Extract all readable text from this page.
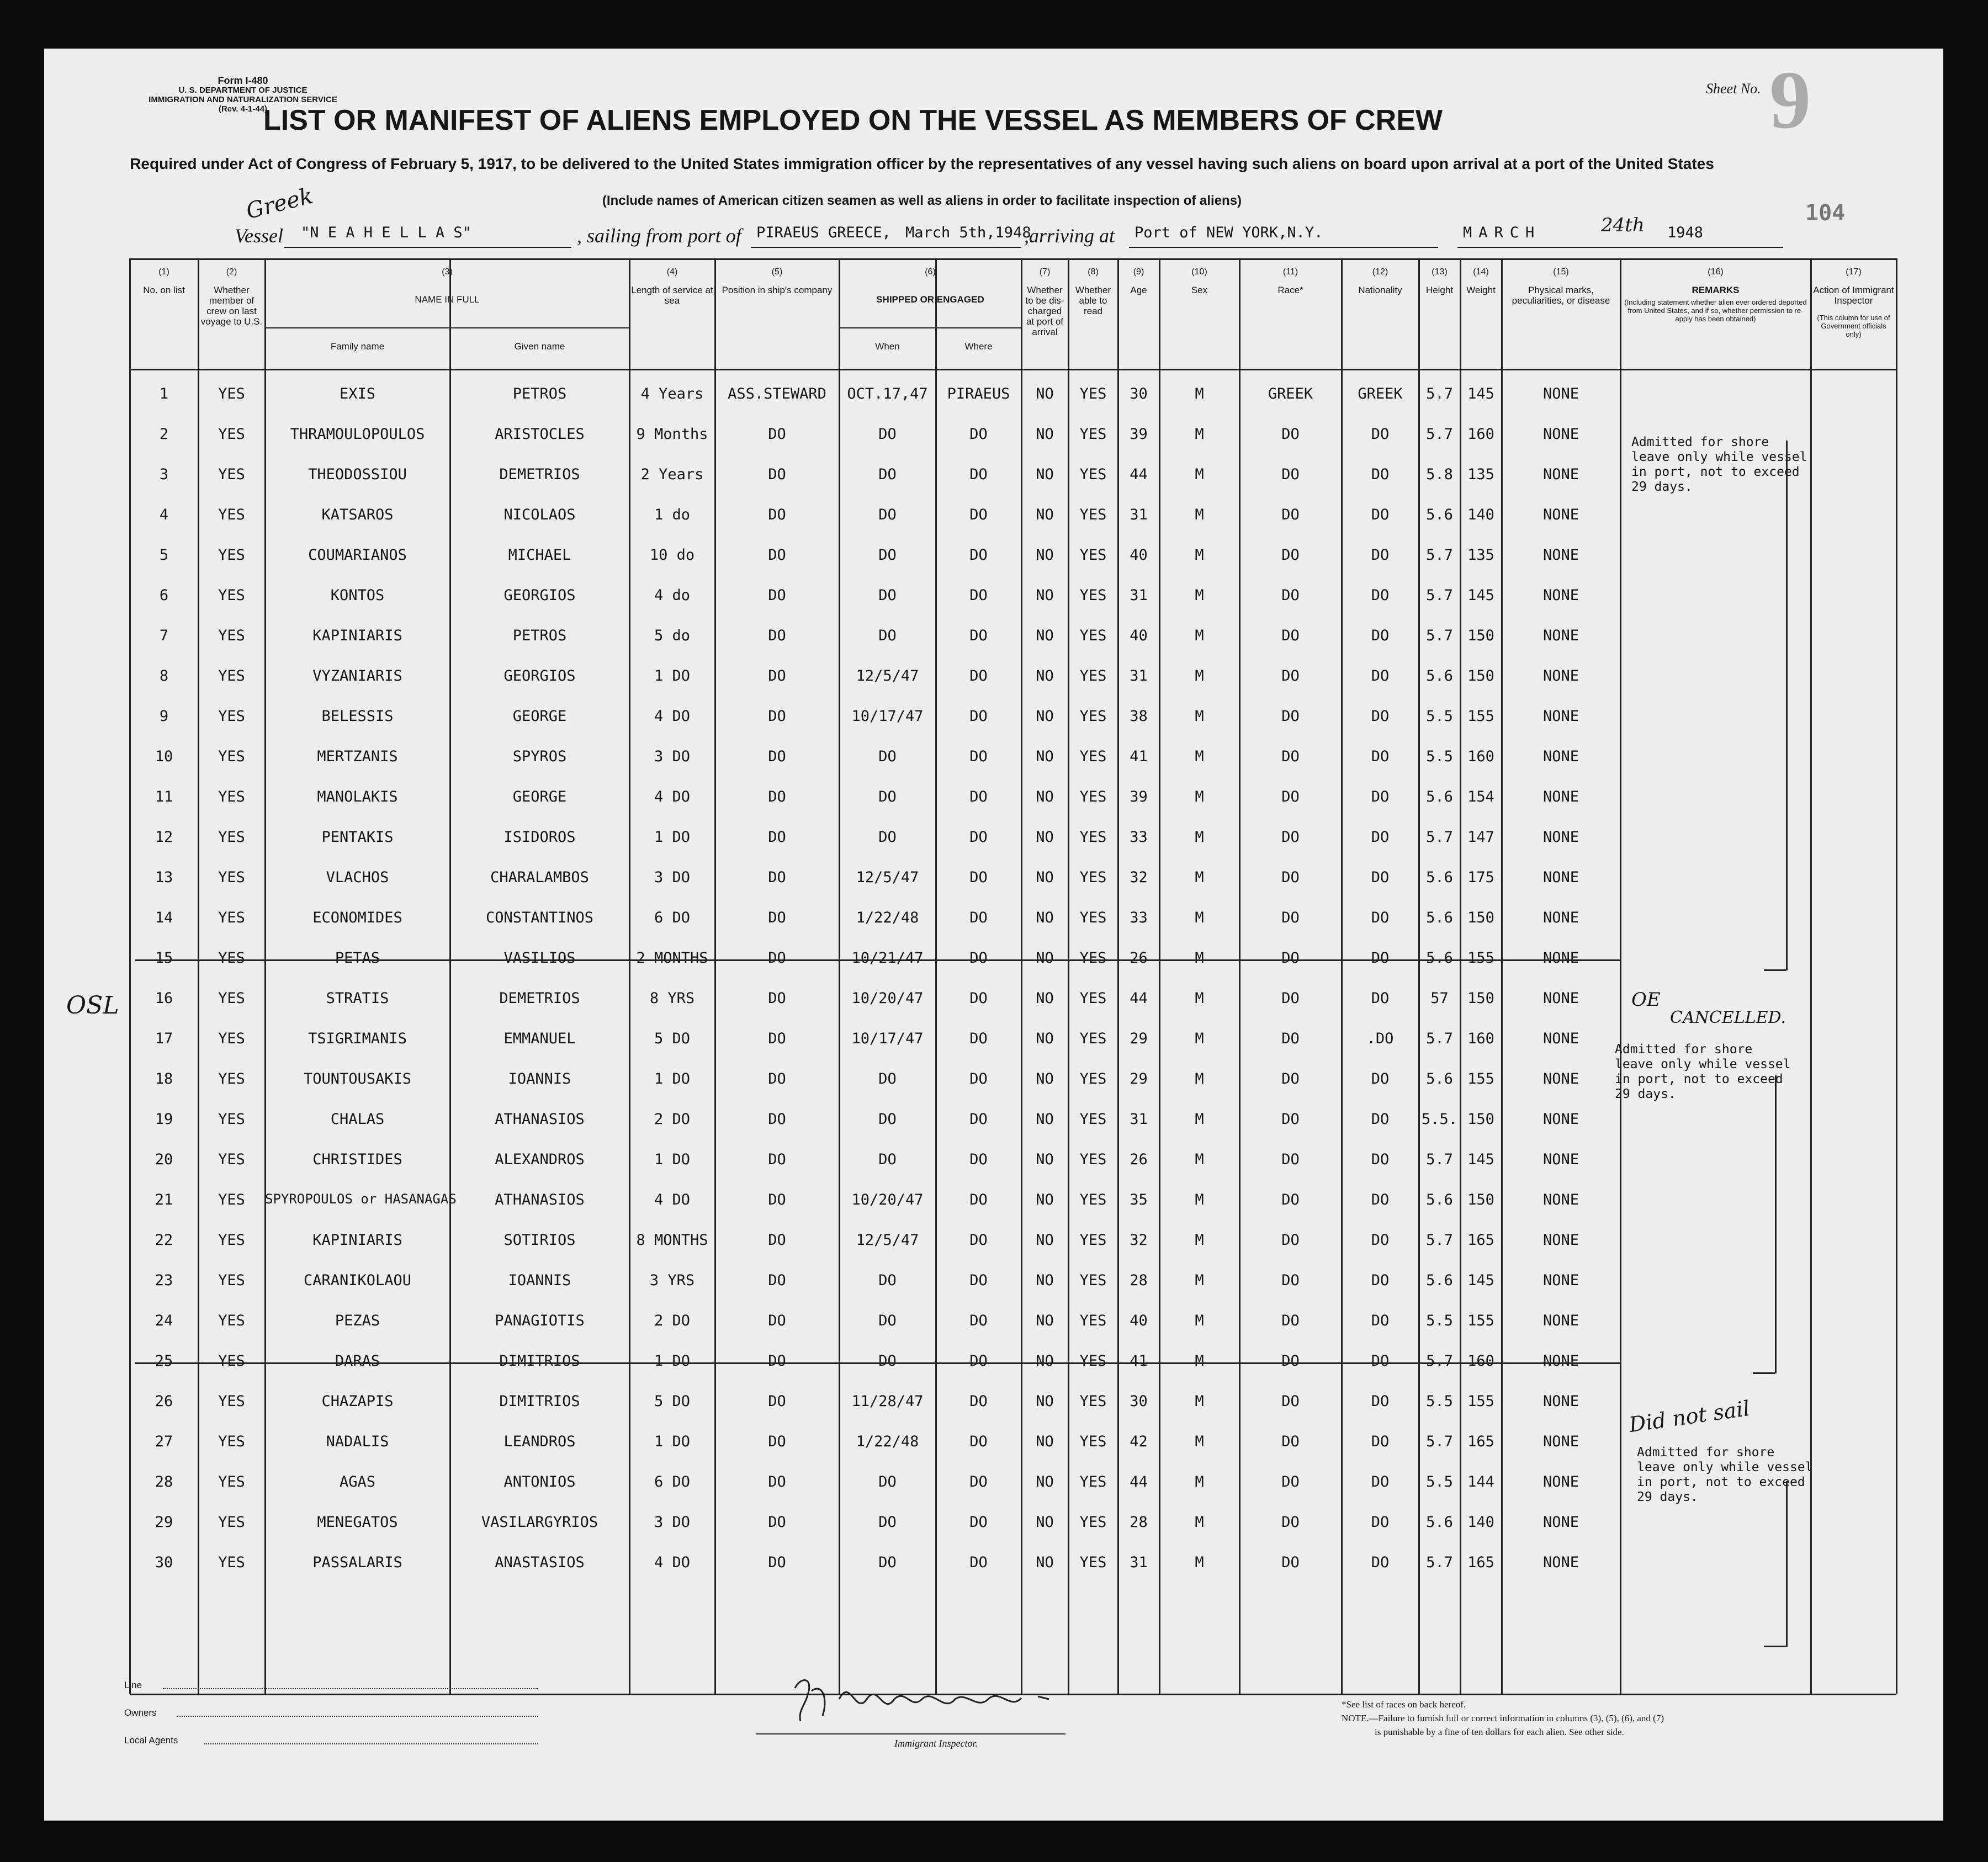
Form I-480
U. S. DEPARTMENT OF JUSTICE
IMMIGRATION AND NATURALIZATION SERVICE
(Rev. 4-1-44)
Sheet No. 9
104
LIST OR MANIFEST OF ALIENS EMPLOYED ON THE VESSEL AS MEMBERS OF CREW
Required under Act of Congress of February 5, 1917, to be delivered to the United States immigration officer by the representatives of any vessel having such aliens on board upon arrival at a port of the United States
(Include names of American citizen seamen as well as aliens in order to facilitate inspection of aliens)
Greek
Vessel "N E A H E L L A S"	, sailing from port of PIRAEUS GREECE, March 5th,1948
,arriving at Port of NEW YORK,N.Y.	MARCH	24th 1948
(1)
No. on list
(2)
Whether member of crew on last voyage to U.S.
(3)
NAME IN FULL
Family name	Given name
(4)
Length of service at sea
(5)
Position in ship's company
(6)
SHIPPED OR ENGAGED
When	Where
(7)
Whether to be dis-charged at port of arrival
(8)
Whether able to read
(9)
Age
(10)
Sex
(11)
Race*
(12)
Nationality
(13)
Height
(14)
Weight
(15)
Physical marks, peculiarities, or disease
(16)
REMARKS
(Including statement whether alien ever ordered deported from United States, and if so, whether permission to re-apply has been obtained)
(17)
Action of Immigrant Inspector
(This column for use of Government officials only)
1	YES	EXIS	PETROS	4 Years	ASS.STEWARD	OCT.17,47	PIRAEUS	NO	YES	30	M	GREEK	GREEK	5.7 145	NONE
2	YES	THRAMOULOPOULOS	ARISTOCLES	9 Months	DO	DO	DO	NO	YES	39	M	DO	DO	5.7 160	NONE
3	YES	THEODOSSIOU	DEMETRIOS	2 Years	DO	DO	DO	NO	YES	44	M	DO	DO	5.8 135	NONE
4	YES	KATSAROS	NICOLAOS	1 do	DO	DO	DO	NO	YES	31	M	DO	DO	5.6 140	NONE
5	YES	COUMARIANOS	MICHAEL	10 do	DO	DO	DO	NO	YES	40	M	DO	DO	5.7 135	NONE
6	YES	KONTOS	GEORGIOS	4 do	DO	DO	DO	NO	YES	31	M	DO	DO	5.7 145	NONE
7	YES	KAPINIARIS	PETROS	5 do	DO	DO	DO	NO	YES	40	M	DO	DO	5.7 150	NONE
8	YES	VYZANIARIS	GEORGIOS	1 DO	DO	12/5/47	DO	NO	YES	31	M	DO	DO	5.6 150	NONE
9	YES	BELESSIS	GEORGE	4 DO	DO	10/17/47	DO	NO	YES	38	M	DO	DO	5.5 155	NONE
10	YES	MERTZANIS	SPYROS	3 DO	DO	DO	DO	NO	YES	41	M	DO	DO	5.5 160	NONE
11	YES	MANOLAKIS	GEORGE	4 DO	DO	DO	DO	NO	YES	39	M	DO	DO	5.6 154	NONE
12	YES	PENTAKIS	ISIDOROS	1 DO	DO	DO	DO	NO	YES	33	M	DO	DO	5.7 147	NONE
13	YES	VLACHOS	CHARALAMBOS	3 DO	DO	12/5/47	DO	NO	YES	32	M	DO	DO	5.6 175	NONE
14	YES	ECONOMIDES	CONSTANTINOS	6 DO	DO	1/22/48	DO	NO	YES	33	M	DO	DO	5.6 150	NONE
15	YES	PETAS	VASILIOS	2 MONTHS	DO	10/21/47	DO	NO	YES	26	M	DO	DO	5.6 155	NONE
16	YES	STRATIS	DEMETRIOS	8 YRS	DO	10/20/47	DO	NO	YES	44	M	DO	DO	57	150	NONE
17	YES	TSIGRIMANIS	EMMANUEL	5 DO	DO	10/17/47	DO	NO	YES	29	M	DO	.DO	5.7 160	NONE
18	YES	TOUNTOUSAKIS	IOANNIS	1 DO	DO	DO	DO	NO	YES	29	M	DO	DO	5.6 155	NONE
19	YES	CHALAS	ATHANASIOS	2 DO	DO	DO	DO	NO	YES	31	M	DO	DO	5.5. 150	NONE
20	YES	CHRISTIDES	ALEXANDROS	1 DO	DO	DO	DO	NO	YES	26	M	DO	DO	5.7 145	NONE
21	YES	SPYROPOULOS or HASANAGAS	ATHANASIOS	4 DO	DO	10/20/47	DO	NO	YES	35	M	DO	DO	5.6 150	NONE
22	YES	KAPINIARIS	SOTIRIOS	8 MONTHS	DO	12/5/47	DO	NO	YES	32	M	DO	DO	5.7 165	NONE
23	YES	CARANIKOLAOU	IOANNIS	3 YRS	DO	DO	DO	NO	YES	28	M	DO	DO	5.6 145	NONE
24	YES	PEZAS	PANAGIOTIS	2 DO	DO	DO	DO	NO	YES	40	M	DO	DO	5.5 155	NONE
25	YES	DARAS	DIMITRIOS	1 DO	DO	DO	DO	NO	YES	41	M	DO	DO	5.7 160	NONE
26	YES	CHAZAPIS	DIMITRIOS	5 DO	DO	11/28/47	DO	NO	YES	30	M	DO	DO	5.5 155	NONE
27	YES	NADALIS	LEANDROS	1 DO	DO	1/22/48	DO	NO	YES	42	M	DO	DO	5.7 165	NONE
28	YES	AGAS	ANTONIOS	6 DO	DO	DO	DO	NO	YES	44	M	DO	DO	5.5 144	NONE
29	YES	MENEGATOS	VASILARGYRIOS	3 DO	DO	DO	DO	NO	YES	28	M	DO	DO	5.6 140	NONE
30	YES	PASSALARIS	ANASTASIOS	4 DO	DO	DO	DO	NO	YES	31	M	DO	DO	5.7 165	NONE
Admitted for shore leave only while vessel in port, not to exceed 29 days.
Admitted for shore leave only while vessel in port, not to exceed 29 days.
Admitted for shore leave only while vessel in port, not to exceed 29 days.
CANCELLED.
OE
Did not sail
OSL
Line
Owners
Local Agents	Immigrant Inspector.
*See list of races on back hereof.
NOTE.—Failure to furnish full or correct information in columns (3), (5), (6), and (7)
is punishable by a fine of ten dollars for each alien. See other side.
